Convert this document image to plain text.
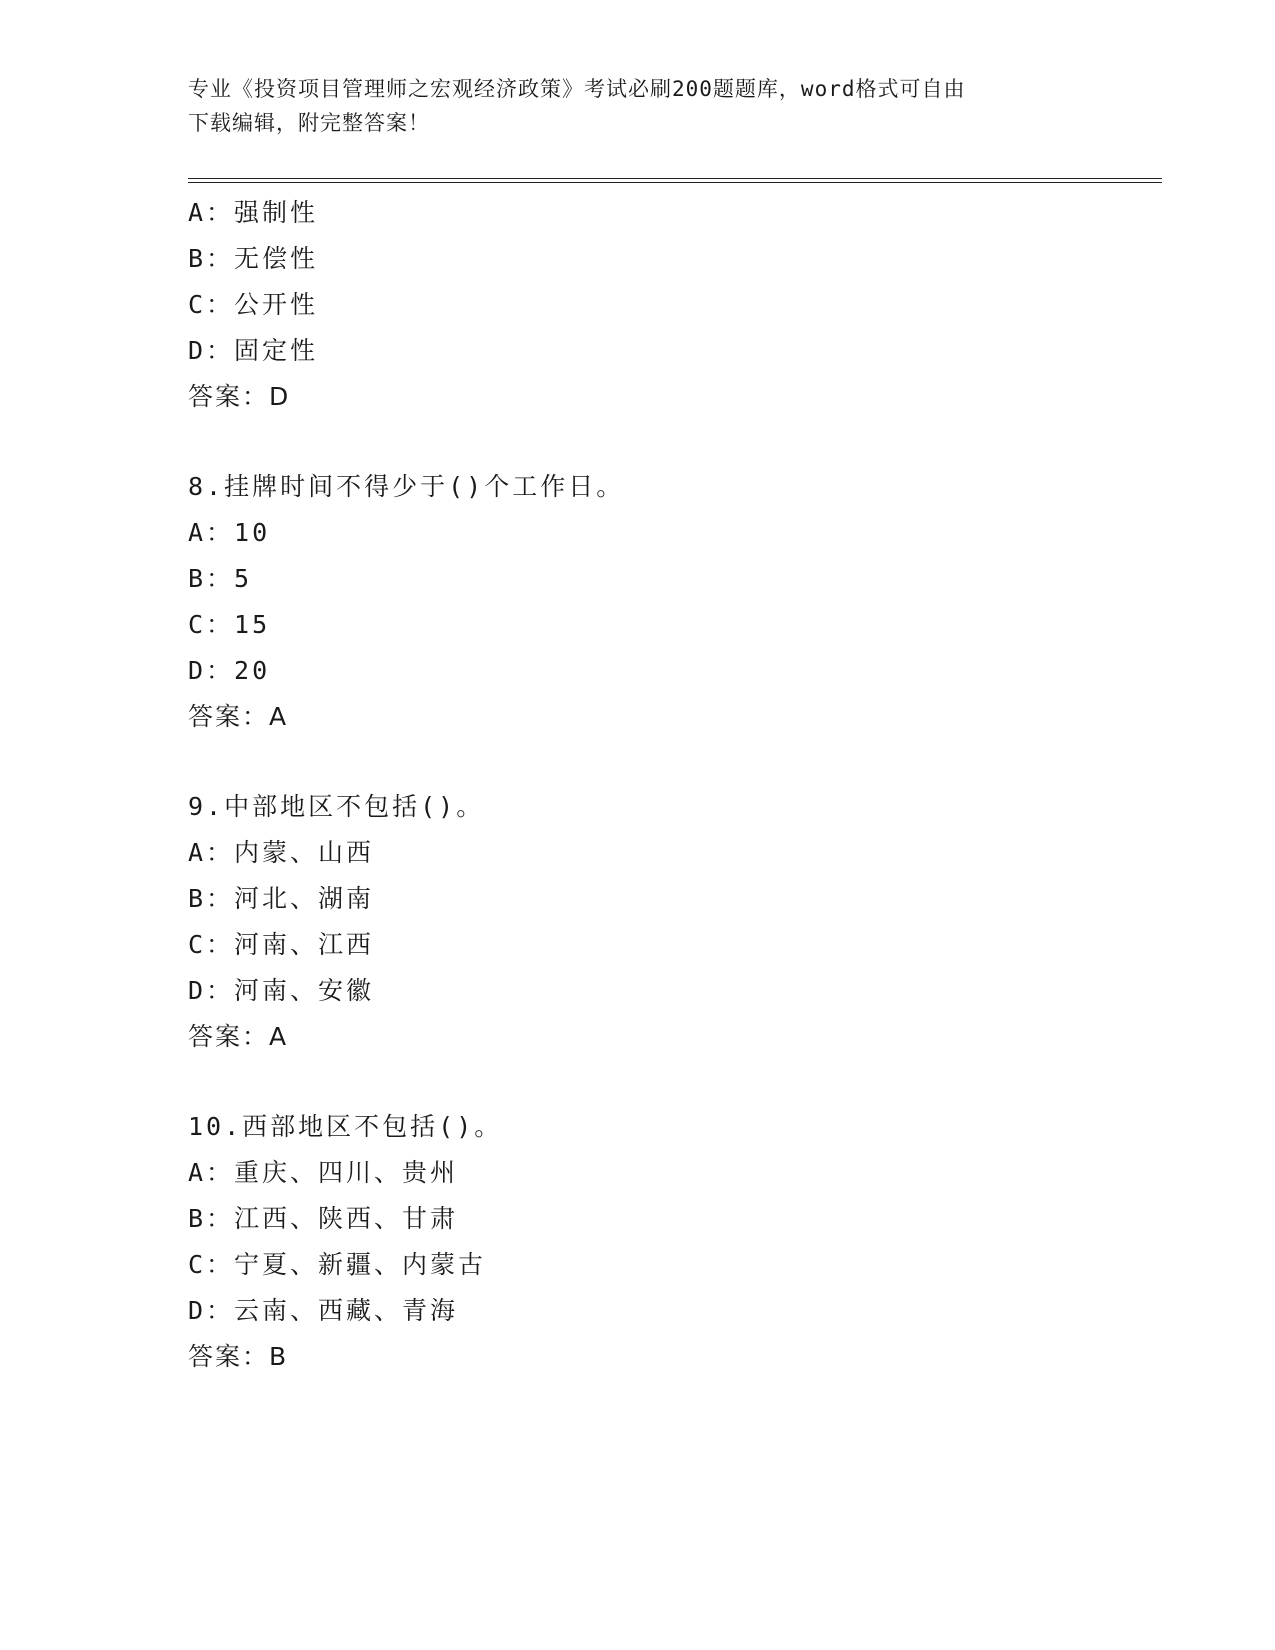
专业《投资项目管理师之宏观经济政策》考试必刷200题题库，word格式可自由
下载编辑，附完整答案！
A：强制性
B：无偿性
C：公开性
D：固定性
答案：D
8.挂牌时间不得少于()个工作日。
A：10
B：5
C：15
D：20
答案：A
9.中部地区不包括()。
A：内蒙、山西
B：河北、湖南
C：河南、江西
D：河南、安徽
答案：A
10.西部地区不包括()。
A：重庆、四川、贵州
B：江西、陕西、甘肃
C：宁夏、新疆、内蒙古
D：云南、西藏、青海
答案：B
